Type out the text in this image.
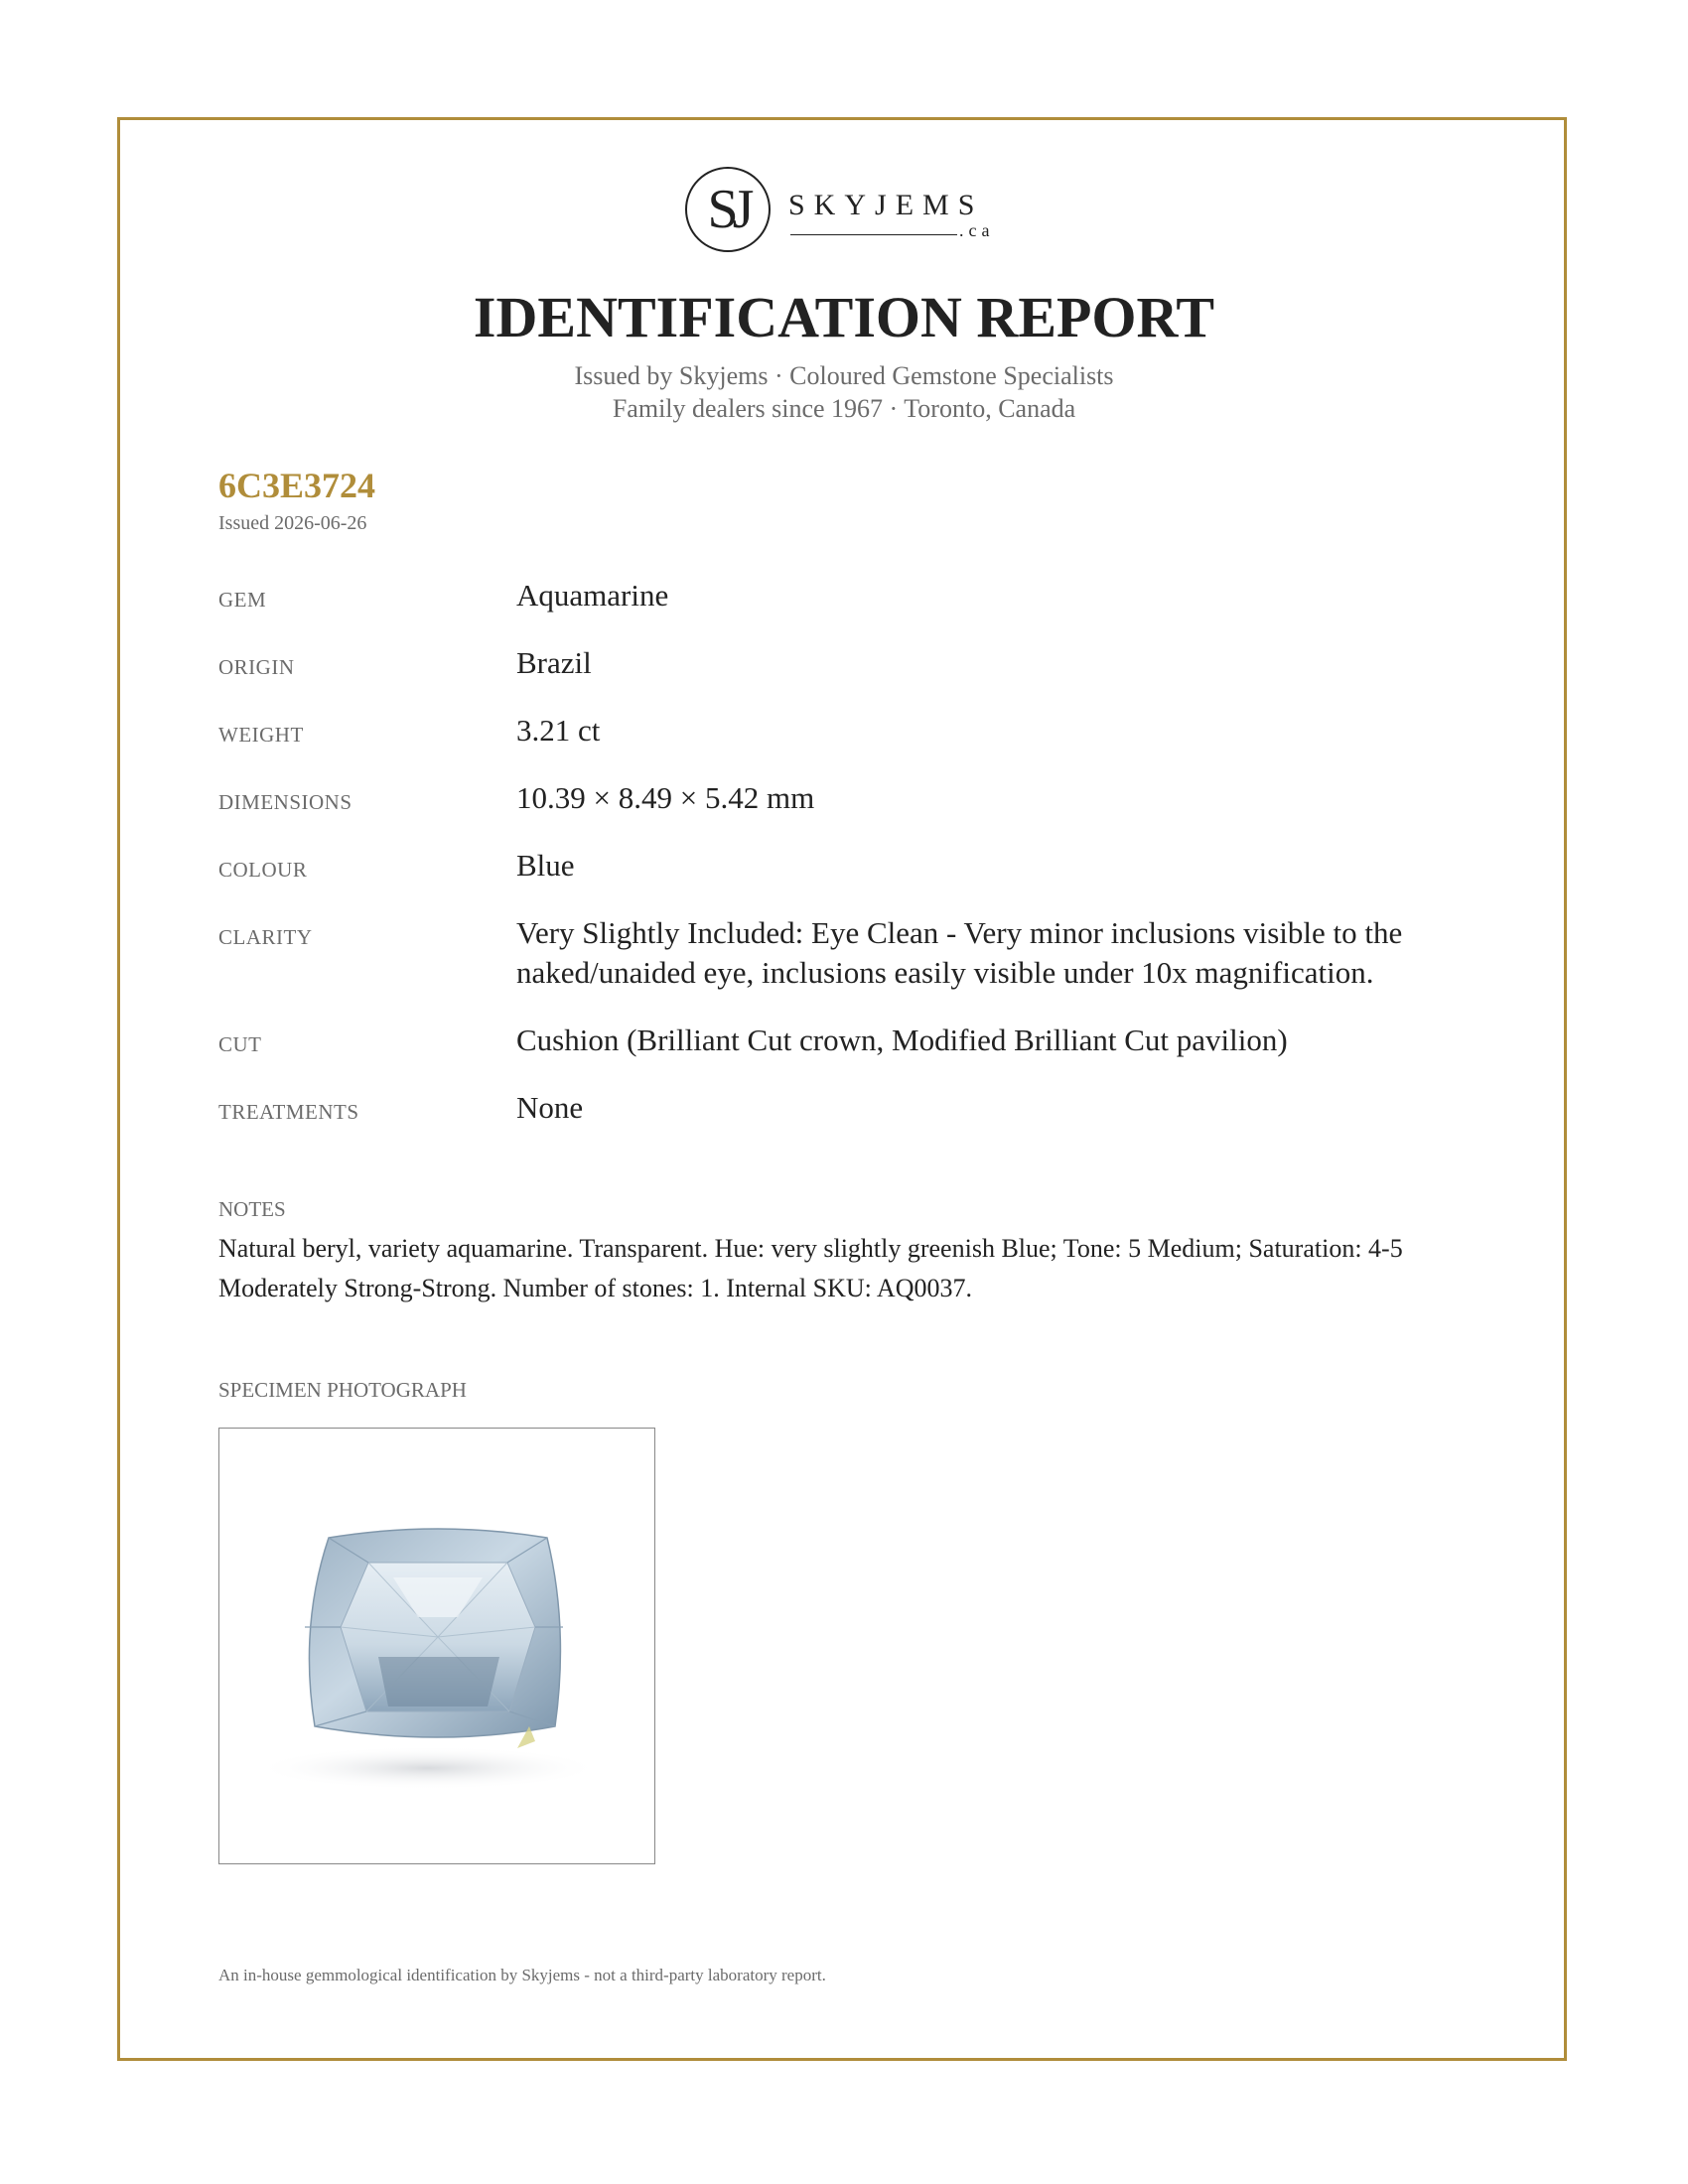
SJ	SKYJEMS
.ca
IDENTIFICATION REPORT
Issued by Skyjems · Coloured Gemstone Specialists
Family dealers since 1967 · Toronto, Canada
6C3E3724
Issued 2026-06-26
GEM	Aquamarine
ORIGIN	Brazil
WEIGHT	3.21 ct
DIMENSIONS	10.39 × 8.49 × 5.42 mm
COLOUR	Blue
CLARITY	Very Slightly Included: Eye Clean - Very minor inclusions visible to the naked/unaided eye, inclusions easily visible under 10x magnification.
CUT	Cushion (Brilliant Cut crown, Modified Brilliant Cut pavilion)
TREATMENTS	None
NOTES
Natural beryl, variety aquamarine. Transparent. Hue: very slightly greenish Blue; Tone: 5 Medium; Saturation: 4-5 Moderately Strong-Strong. Number of stones: 1. Internal SKU: AQ0037.
SPECIMEN PHOTOGRAPH
An in-house gemmological identification by Skyjems - not a third-party laboratory report.
